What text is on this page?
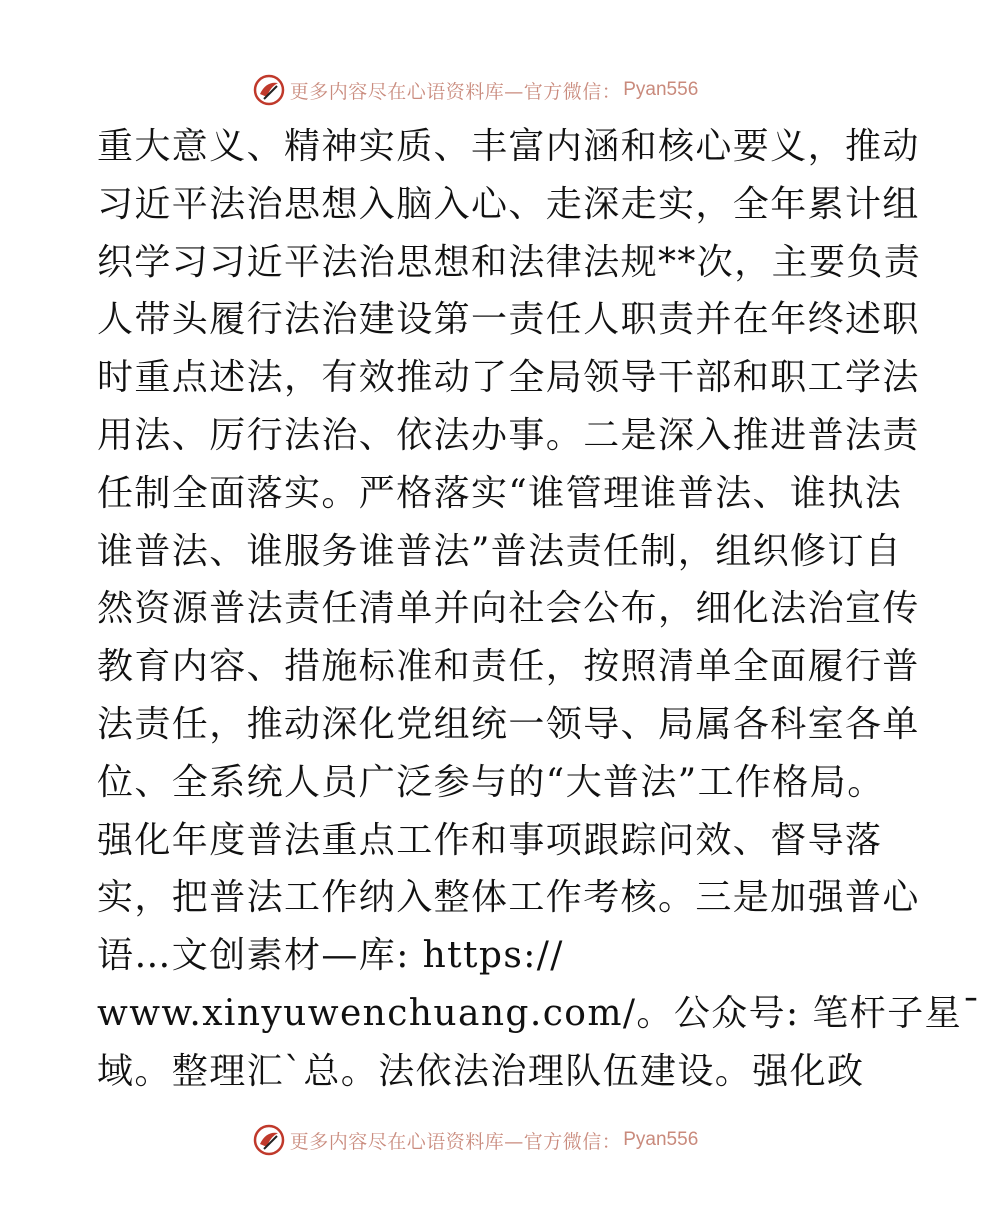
更多内容尽在心语资料库—官方微信： Pyan556
重大意义、精神实质、丰富内涵和核心要义，推动
习近平法治思想入脑入心、走深走实，全年累计组
织学习习近平法治思想和法律法规**次，主要负责
人带头履行法治建设第一责任人职责并在年终述职
时重点述法，有效推动了全局领导干部和职工学法
用法、厉行法治、依法办事。二是深入推进普法责
任制全面落实。严格落实“谁管理谁普法、谁执法
谁普法、谁服务谁普法”普法责任制，组织修订自
然资源普法责任清单并向社会公布，细化法治宣传
教育内容、措施标准和责任，按照清单全面履行普
法责任，推动深化党组统一领导、局属各科室各单
位、全系统人员广泛参与的“大普法”工作格局。
强化年度普法重点工作和事项跟踪问效、督导落
实，把普法工作纳入整体工作考核。三是加强普心
语…文创素材—库: https://
www.xinyuwenchuang.com/。公众号: 笔杆子星¯
域。整理汇`总。法依法治理队伍建设。强化政
更多内容尽在心语资料库—官方微信： Pyan556
